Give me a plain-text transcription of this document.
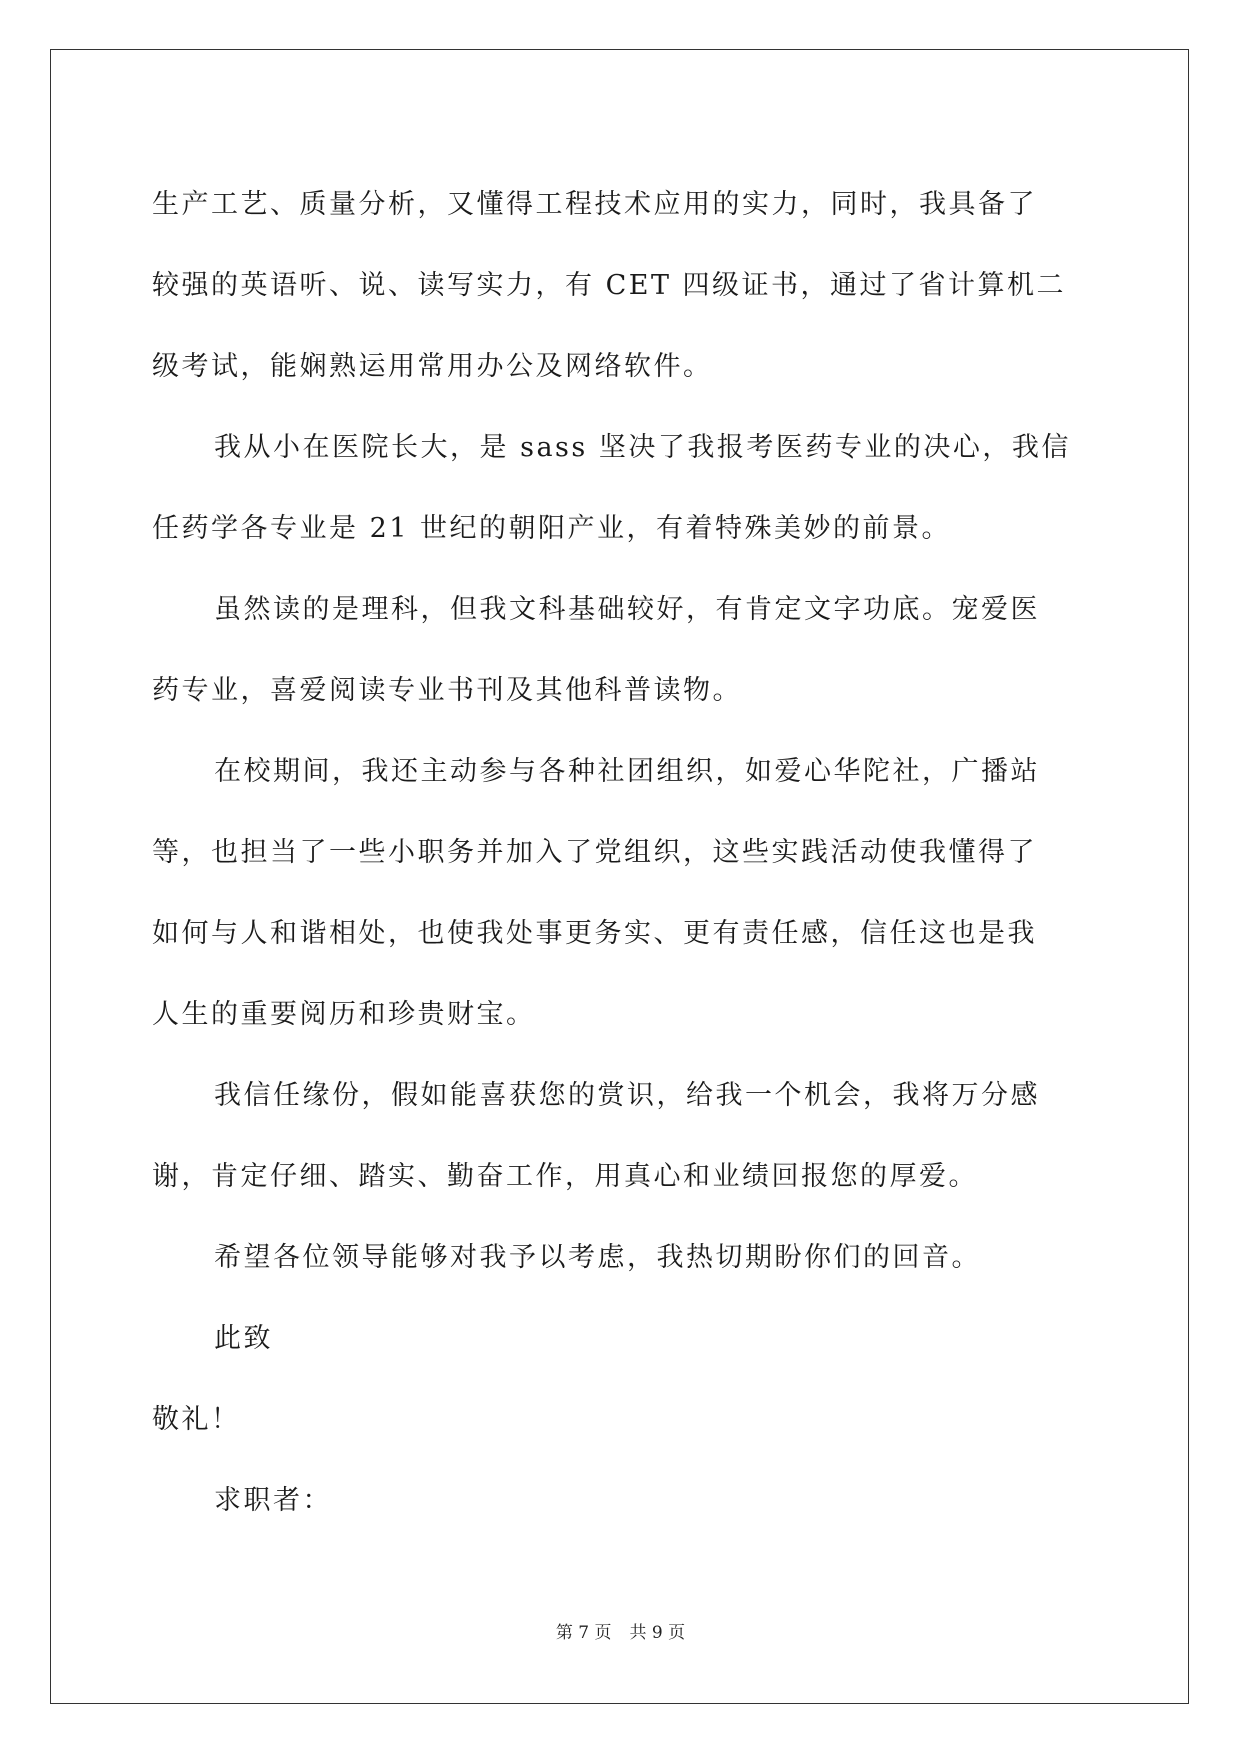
生产工艺、质量分析，又懂得工程技术应用的实力，同时，我具备了
较强的英语听、说、读写实力，有 CET 四级证书，通过了省计算机二
级考试，能娴熟运用常用办公及网络软件。
我从小在医院长大，是 sass 坚决了我报考医药专业的决心，我信
任药学各专业是 21 世纪的朝阳产业，有着特殊美妙的前景。
虽然读的是理科，但我文科基础较好，有肯定文字功底。宠爱医
药专业，喜爱阅读专业书刊及其他科普读物。
在校期间，我还主动参与各种社团组织，如爱心华陀社，广播站
等，也担当了一些小职务并加入了党组织，这些实践活动使我懂得了
如何与人和谐相处，也使我处事更务实、更有责任感，信任这也是我
人生的重要阅历和珍贵财宝。
我信任缘份，假如能喜获您的赏识，给我一个机会，我将万分感
谢，肯定仔细、踏实、勤奋工作，用真心和业绩回报您的厚爱。
希望各位领导能够对我予以考虑，我热切期盼你们的回音。
此致
敬礼！
求职者：
第 7 页 共 9 页
